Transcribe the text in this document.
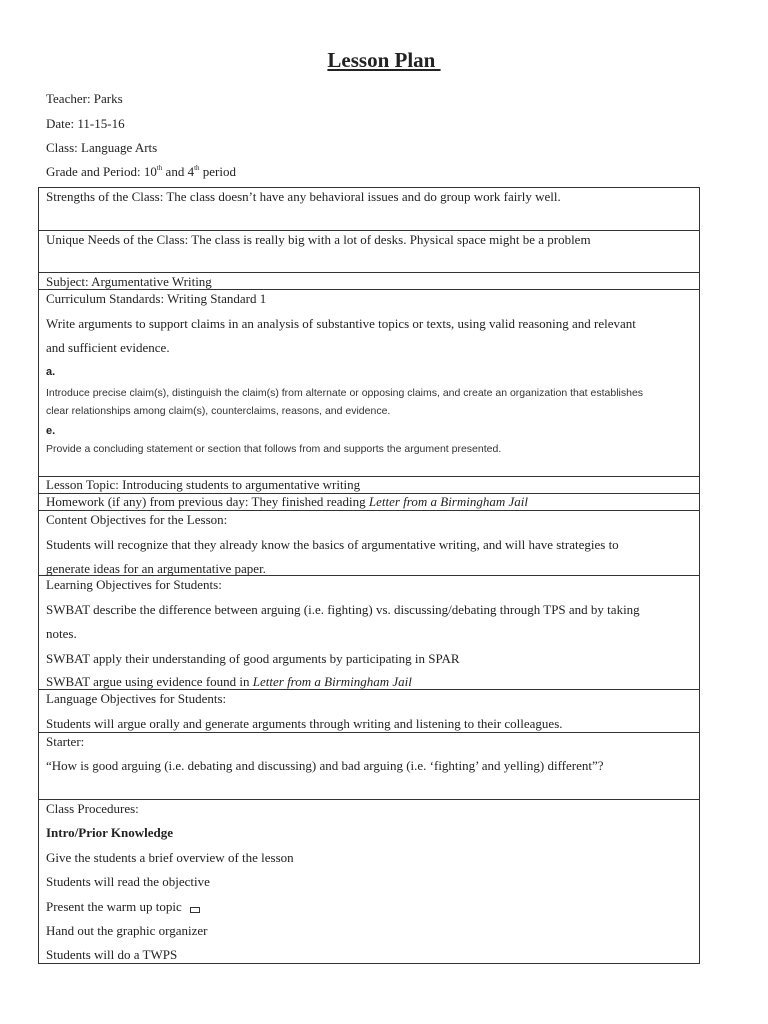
Lesson Plan
Teacher: Parks
Date: 11-15-16
Class: Language Arts
Grade and Period: 10th and 4th period
Strengths of the Class: The class doesn’t have any behavioral issues and do group work fairly well.
Unique Needs of the Class: The class is really big with a lot of desks. Physical space might be a problem
Subject: Argumentative Writing
Curriculum Standards: Writing Standard 1
Write arguments to support claims in an analysis of substantive topics or texts, using valid reasoning and relevant
and sufficient evidence.
a.
Introduce precise claim(s), distinguish the claim(s) from alternate or opposing claims, and create an organization that establishes
clear relationships among claim(s), counterclaims, reasons, and evidence.
e.
Provide a concluding statement or section that follows from and supports the argument presented.
Lesson Topic: Introducing students to argumentative writing
Homework (if any) from previous day: They finished reading Letter from a Birmingham Jail
Content Objectives for the Lesson:
Students will recognize that they already know the basics of argumentative writing, and will have strategies to
generate ideas for an argumentative paper.
Learning Objectives for Students:
SWBAT describe the difference between arguing (i.e. fighting) vs. discussing/debating through TPS and by taking
notes.
SWBAT apply their understanding of good arguments by participating in SPAR
SWBAT argue using evidence found in Letter from a Birmingham Jail
Language Objectives for Students:
Students will argue orally and generate arguments through writing and listening to their colleagues.
Starter:
“How is good arguing (i.e. debating and discussing) and bad arguing (i.e. ‘fighting’ and yelling) different”?
Class Procedures:
Intro/Prior Knowledge
Give the students a brief overview of the lesson
Students will read the objective
Present the warm up topic
Hand out the graphic organizer
Students will do a TWPS
